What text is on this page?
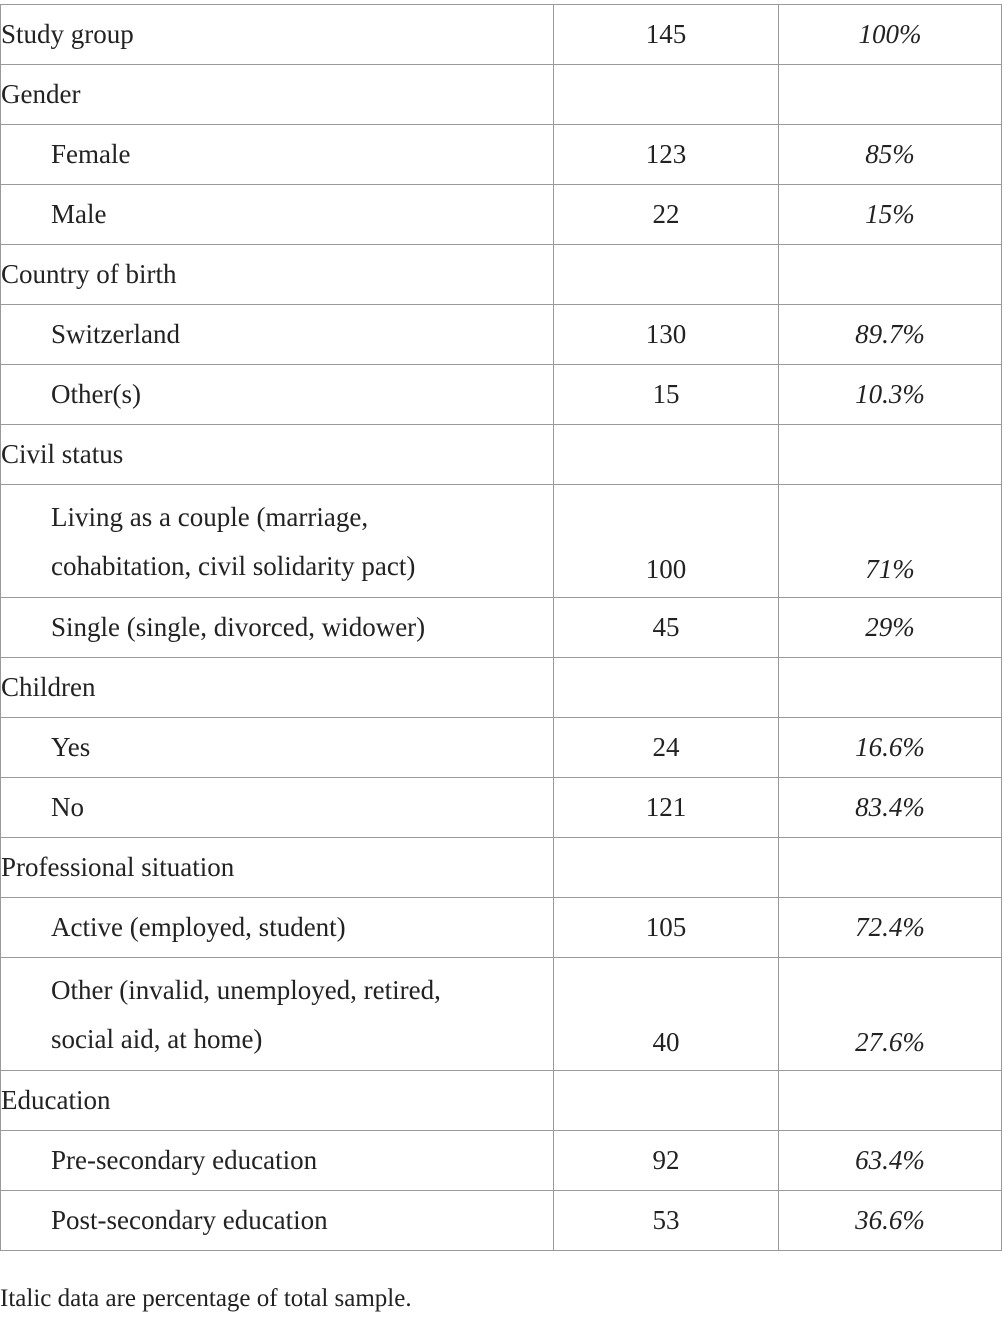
Study group	145	100%
Gender		
Female	123	85%
Male	22	15%
Country of birth		
Switzerland	130	89.7%
Other(s)	15	10.3%
Civil status		

Living as a couple (marriage,
cohabitation, civil solidarity pact)	100	71%
Single (single, divorced, widower)	45	29%
Children		
Yes	24	16.6%
No	121	83.4%
Professional situation		
Active (employed, student)	105	72.4%

Other (invalid, unemployed, retired,
social aid, at home)	40	27.6%
Education		
Pre-secondary education	92	63.4%
Post-secondary education	53	36.6%
Italic data are percentage of total sample.
